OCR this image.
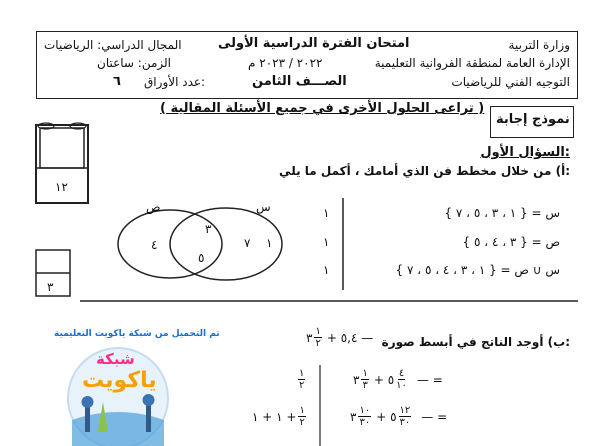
وزارة التربية
الإدارة العامة لمنطقة الفروانية التعليمية
التوجيه الفني للرياضيات
امتحان الفترة الدراسية الأولى
٢٠٢٢ / ٢٠٢٣ م
الصـــف الثامن
المجال الدراسي: الرياضيات
الزمن: ساعتان
عدد الأوراق:
٦
( تراعى الحلول الأخرى في جميع الأسئلة المقالية )
نموذج إجابة
السؤال الأول:
أ) من خلال مخطط فن الذي أمامك ، أكمل ما يلي:
س = { ١ ، ٣ ، ٥ ، ٧ }
ص = { ٣ ، ٤ ، ٥ }
س ∪ ص = { ١ ، ٣ ، ٤ ، ٥ ، ٧ }
١
١
١
١٢
٣
ص	س
٤
٣
٥
٧ ١
ب) أوجد الناتج في أبسط صورة:
٣ $\frac{١}{٢}$ + ٥,٤ —
٣ $\frac{١}{٣}$ + ٥ $\frac{٤}{١٠}$ — =
$\frac{١}{٢}$
٣ $\frac{١٠}{٣٠}$ + ٥ $\frac{١٢}{٣٠}$ — =
١ + ١ + $\frac{١}{٢}$
تم التحميل من شبكة ياكويت التعليمية
شبكة
ياكويت
